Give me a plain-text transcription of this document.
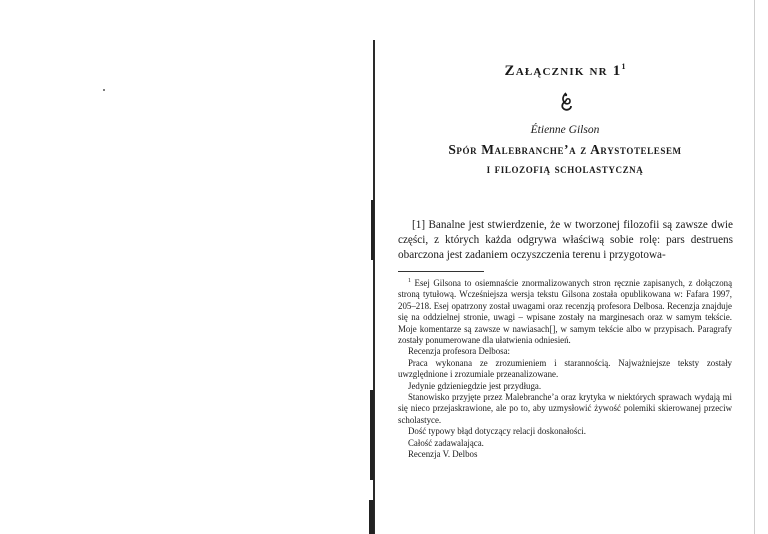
Załącznik nr $1^1$
Étienne Gilson
Spór Malebranche’a z Arystotelesem
i filozofią scholastyczną

[1] Banalne jest stwierdzenie, że w tworzonej filozofii są zawsze dwie części, z których każda odgrywa właściwą sobie rolę: pars destruens obarczona jest zadaniem oczyszczenia terenu i przygotowa-

$^1$ Esej Gilsona to osiemnaście znormalizowanych stron ręcznie zapisanych, z dołączoną stroną tytułową. Wcześniejsza wersja tekstu Gilsona została opublikowana w: Fafara 1997, 205–218. Esej opatrzony został uwagami oraz recenzją profesora Delbosa. Recenzja znajduje się na oddzielnej stronie, uwagi – wpisane zostały na marginesach oraz w samym tekście. Moje komentarze są zawsze w nawiasach[], w samym tekście albo w przypisach. Paragrafy zostały ponumerowane dla ułatwienia odniesień.

Recenzja profesora Delbosa:

Praca wykonana ze zrozumieniem i starannością. Najważniejsze teksty zostały uwzględnione i zrozumiale przeanalizowane.

Jedynie gdzieniegdzie jest przydługa.

Stanowisko przyjęte przez Malebranche’a oraz krytyka w niektórych sprawach wydają mi się nieco przejaskrawione, ale po to, aby uzmysłowić żywość polemiki skierowanej przeciw scholastyce.

Dość typowy błąd dotyczący relacji doskonałości.

Całość zadawalająca.

Recenzja V. Delbos
